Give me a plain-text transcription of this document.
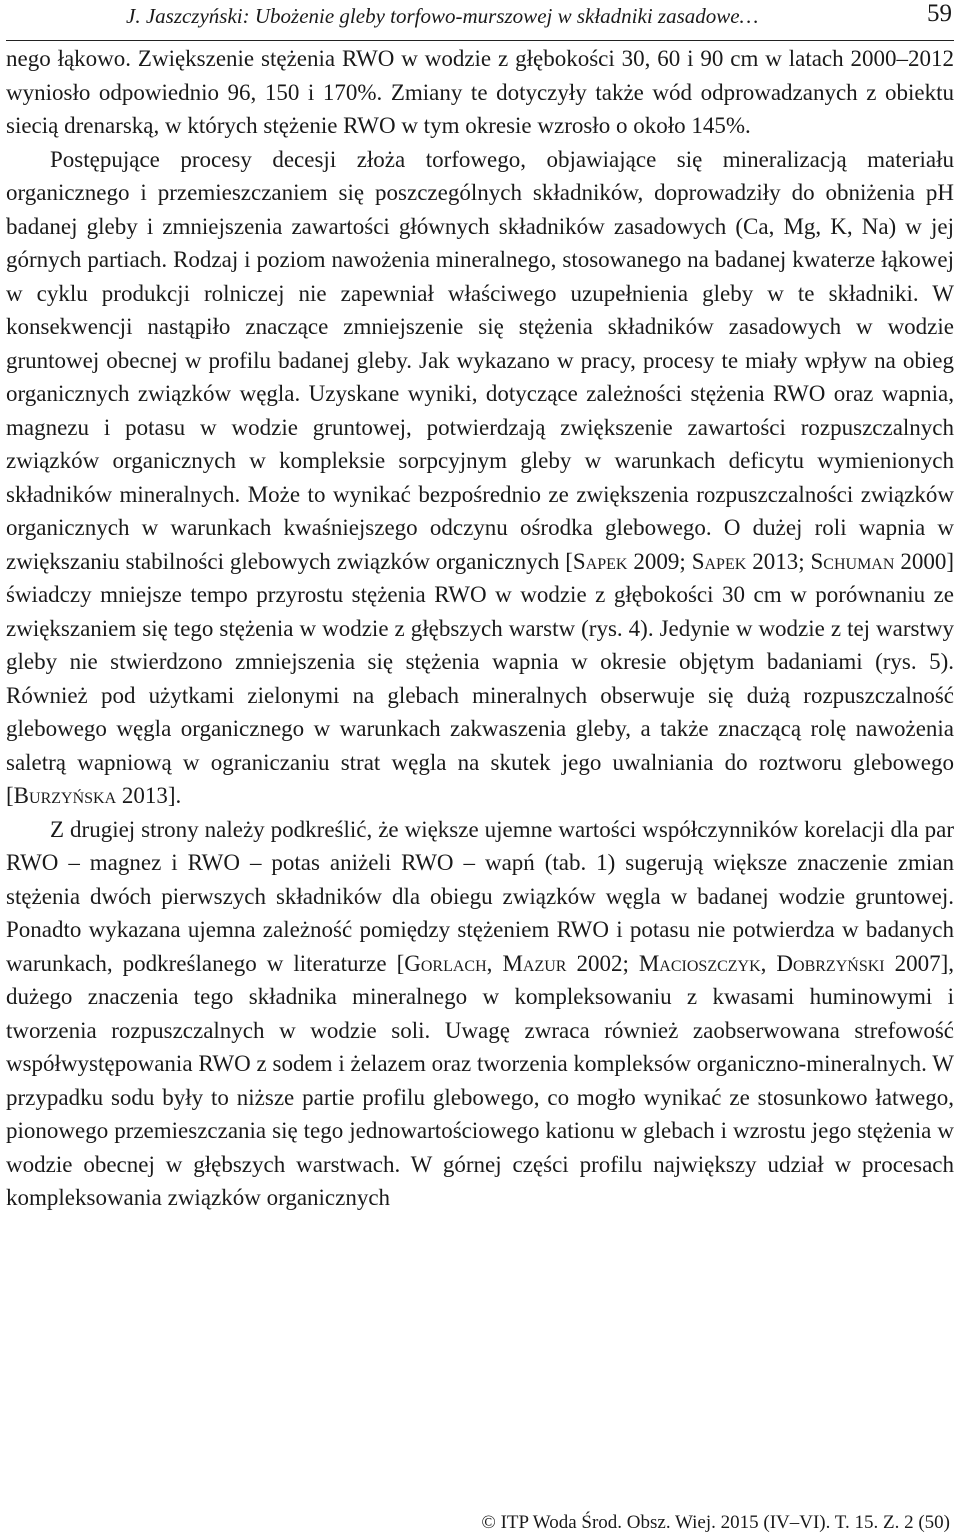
J. Jaszczyński: Ubożenie gleby torfowo-murszowej w składniki zasadowe…	59

nego łąkowo. Zwiększenie stężenia RWO w wodzie z głębokości 30, 60 i 90 cm w latach 2000–2012 wyniosło odpowiednio 96, 150 i 170%. Zmiany te dotyczyły także wód odprowadzanych z obiektu siecią drenarską, w których stężenie RWO w tym okresie wzrosło o około 145%.

Postępujące procesy decesji złoża torfowego, objawiające się mineralizacją materiału organicznego i przemieszczaniem się poszczególnych składników, doprowadziły do obniżenia pH badanej gleby i zmniejszenia zawartości głównych składników zasadowych (Ca, Mg, K, Na) w jej górnych partiach. Rodzaj i poziom nawożenia mineralnego, stosowanego na badanej kwaterze łąkowej w cyklu produkcji rolniczej nie zapewniał właściwego uzupełnienia gleby w te składniki. W konsekwencji nastąpiło znaczące zmniejszenie się stężenia składników zasadowych w wodzie gruntowej obecnej w profilu badanej gleby. Jak wykazano w pracy, procesy te miały wpływ na obieg organicznych związków węgla. Uzyskane wyniki, dotyczące zależności stężenia RWO oraz wapnia, magnezu i potasu w wodzie gruntowej, potwierdzają zwiększenie zawartości rozpuszczalnych związków organicznych w kompleksie sorpcyjnym gleby w warunkach deficytu wymienionych składników mineralnych. Może to wynikać bezpośrednio ze zwiększenia rozpuszczalności związków organicznych w warunkach kwaśniejszego odczynu ośrodka glebowego. O dużej roli wapnia w zwiększaniu stabilności glebowych związków organicznych [Sapek 2009; Sapek 2013; Schuman 2000] świadczy mniejsze tempo przyrostu stężenia RWO w wodzie z głębokości 30 cm w porównaniu ze zwiększaniem się tego stężenia w wodzie z głębszych warstw (rys. 4). Jedynie w wodzie z tej warstwy gleby nie stwierdzono zmniejszenia się stężenia wapnia w okresie objętym badaniami (rys. 5). Również pod użytkami zielonymi na glebach mineralnych obserwuje się dużą rozpuszczalność glebowego węgla organicznego w warunkach zakwaszenia gleby, a także znaczącą rolę nawożenia saletrą wapniową w ograniczaniu strat węgla na skutek jego uwalniania do roztworu glebowego [Burzyńska 2013].

Z drugiej strony należy podkreślić, że większe ujemne wartości współczynników korelacji dla par RWO – magnez i RWO – potas aniżeli RWO – wapń (tab. 1) sugerują większe znaczenie zmian stężenia dwóch pierwszych składników dla obiegu związków węgla w badanej wodzie gruntowej. Ponadto wykazana ujemna zależność pomiędzy stężeniem RWO i potasu nie potwierdza w badanych warunkach, podkreślanego w literaturze [Gorlach, Mazur 2002; Macioszczyk, Dobrzyński 2007], dużego znaczenia tego składnika mineralnego w kompleksowaniu z kwasami huminowymi i tworzenia rozpuszczalnych w wodzie soli. Uwagę zwraca również zaobserwowana strefowość współwystępowania RWO z sodem i żelazem oraz tworzenia kompleksów organiczno-mineralnych. W przypadku sodu były to niższe partie profilu glebowego, co mogło wynikać ze stosunkowo łatwego, pionowego przemieszczania się tego jednowartościowego kationu w glebach i wzrostu jego stężenia w wodzie obecnej w głębszych warstwach. W górnej części profilu największy udział w procesach kompleksowania związków organicznych

© ITP Woda Środ. Obsz. Wiej. 2015 (IV–VI). T. 15. Z. 2 (50)
